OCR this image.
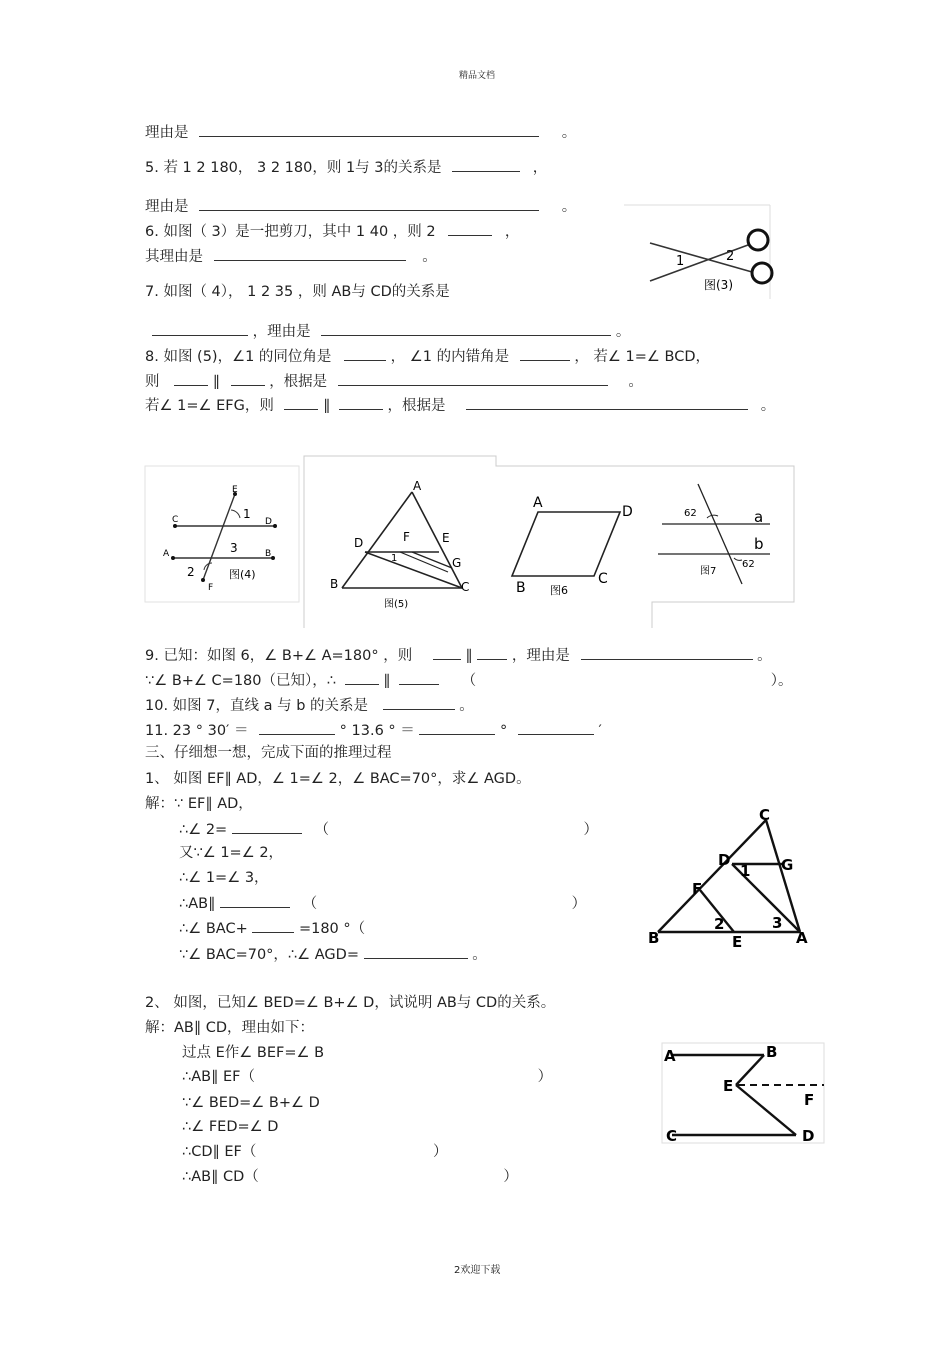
精品文档
2欢迎下载
理由是	。
5. 若 1 2 180， 3 2 180，则 1与 3的关系是	，
理由是	。
6. 如图（ 3）是一把剪刀，其中 1 40 ，则 2	，
其理由是	。	1	2
图(3)
7. 如图（ 4）， 1 2 35 ，则 AB与 CD的关系是
，理由是	。
8. 如图 (5)，∠1 的同位角是	， ∠1 的内错角是	， 若∠ 1=∠ BCD，
则	∥	，根据是	。
若∠ 1=∠ EFG，则	∥	，根据是	。
E
C	D
A	B
F
1
3
2	图(4)
A
D	F	E
G
B	C
1
图(5)
A
D
B
C
图6
62
62
a
b
图7
9. 已知：如图 6，∠ B+∠ A=180° ，则	∥	，理由是	。
∵∠ B+∠ C=180（已知），∴	∥	（	）。
10. 如图 7，直线 a 与 b 的关系是	。
11. 23 ° 30′ ＝	° 13.6 ° ＝	°	′
三、仔细想一想，完成下面的推理过程
1、 如图 EF∥ AD，∠ 1=∠ 2，∠ BAC=70°，求∠ AGD。
解：∵ EF∥ AD，
∴∠ 2=	（	）
又∵∠ 1=∠ 2，
∴∠ 1=∠ 3，
∴AB∥	（	）
∴∠ BAC+	=180 °（
∵∠ BAC=70°，∴∠ AGD=	。
C
D	G
F
B	E	A
1
2	3
2、 如图，已知∠ BED=∠ B+∠ D，试说明 AB与 CD的关系。
解：AB∥ CD，理由如下：
过点 E作∠ BEF=∠ B
∴AB∥ EF（	）
∵∠ BED=∠ B+∠ D
∴∠ FED=∠ D
∴CD∥ EF（	）
∴AB∥ CD（	）
A	B
E
F
C	D
